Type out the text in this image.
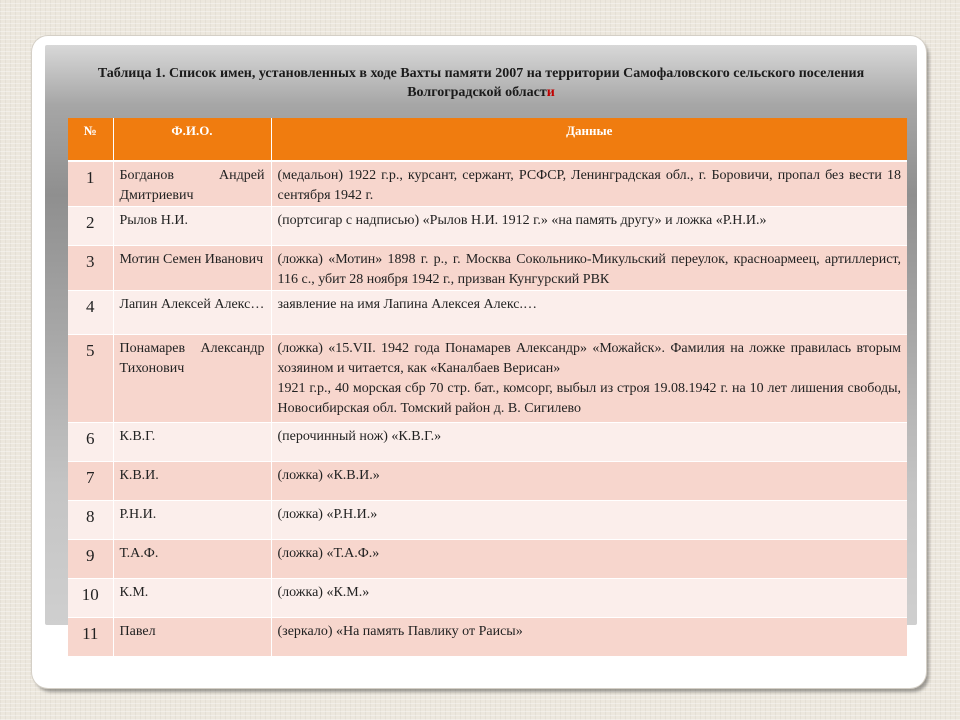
Таблица 1. Список имен, установленных в ходе Вахты памяти 2007 на территории Самофаловского сельского поселения Волгоградской области

№	Ф.И.О.	Данные
1	Богданов Андрей Дмитриевич	(медальон) 1922 г.р., курсант, сержант, РСФСР, Ленинградская обл., г. Боровичи, пропал без вести 18 сентября 1942 г.
2	Рылов Н.И.	(портсигар с надписью) «Рылов Н.И. 1912 г.» «на память другу» и ложка «Р.Н.И.»
3	Мотин Семен Иванович	(ложка) «Мотин» 1898 г. р., г. Москва Сокольнико-Микульский переулок, красноармеец, артиллерист, 116 с., убит 28 ноября 1942 г., призван Кунгурский РВК
4	Лапин Алексей Алекс…	заявление на имя Лапина Алексея Алекс.…
5	Понамарев Александр Тихонович	(ложка) «15.VII. 1942 года Понамарев Александр» «Можайск». Фамилия на ложке правилась вторым хозяином и читается, как «Каналбаев Верисан»
1921 г.р., 40 морская сбр 70 стр. бат., комсорг, выбыл из строя 19.08.1942 г. на 10 лет лишения свободы, Новосибирская обл. Томский район д. В. Сигилево

6	К.В.Г.	(перочинный нож) «К.В.Г.»
7	К.В.И.	(ложка) «К.В.И.»
8	Р.Н.И.	(ложка) «Р.Н.И.»
9	Т.А.Ф.	(ложка) «Т.А.Ф.»
10	К.М.	(ложка) «К.М.»
11	Павел	(зеркало) «На память Павлику от Раисы»
